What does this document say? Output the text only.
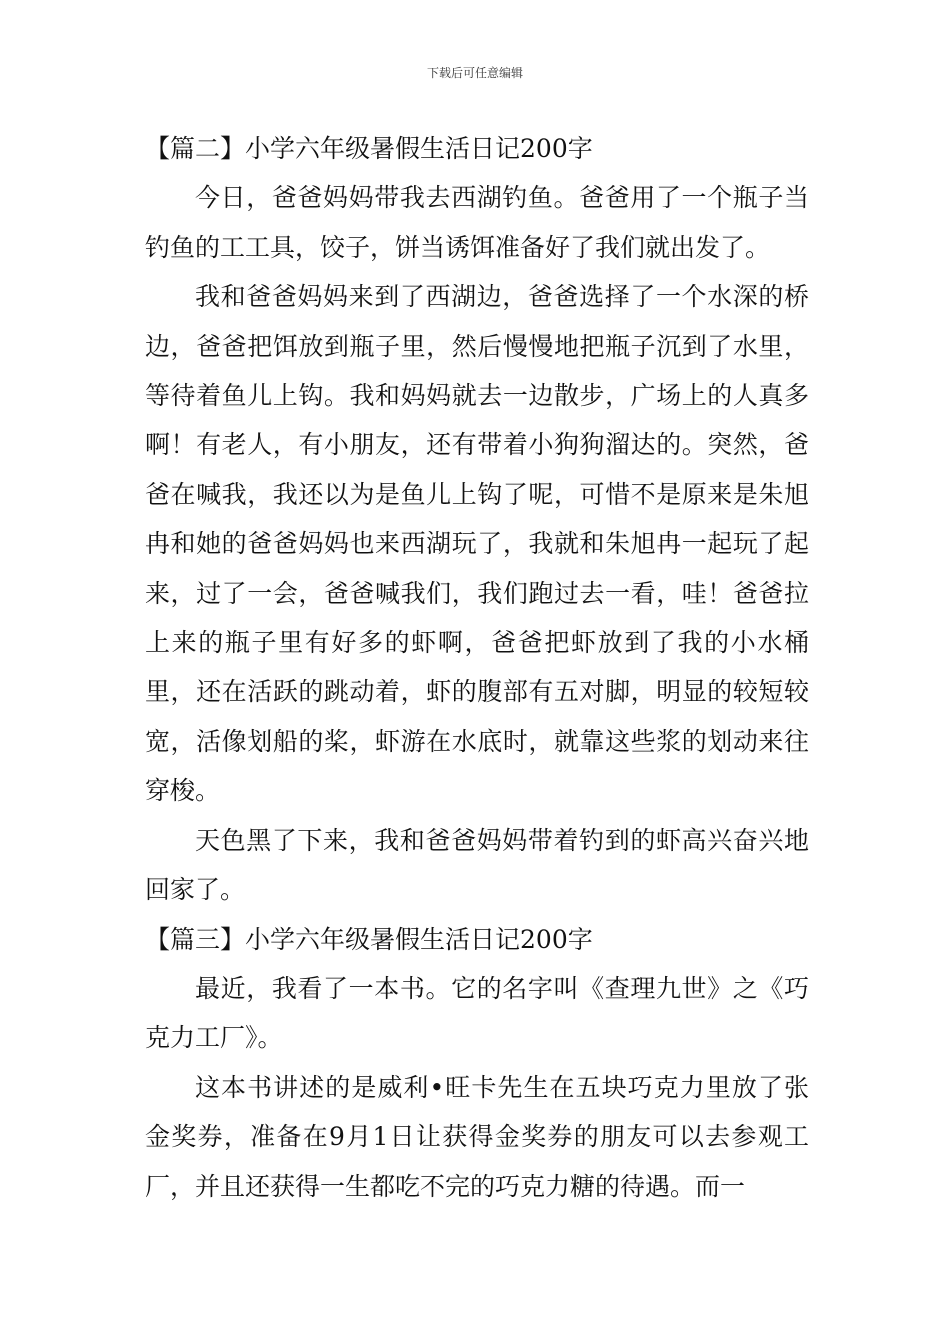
下载后可任意编辑

【篇二】小学六年级暑假生活日记200字

今日，爸爸妈妈带我去西湖钓鱼。爸爸用了一个瓶子当钓鱼的工工具，饺子，饼当诱饵准备好了我们就出发了。

我和爸爸妈妈来到了西湖边，爸爸选择了一个水深的桥边，爸爸把饵放到瓶子里，然后慢慢地把瓶子沉到了水里，等待着鱼儿上钩。我和妈妈就去一边散步，广场上的人真多啊！有老人，有小朋友，还有带着小狗狗溜达的。突然，爸爸在喊我，我还以为是鱼儿上钩了呢，可惜不是原来是朱旭冉和她的爸爸妈妈也来西湖玩了，我就和朱旭冉一起玩了起来，过了一会，爸爸喊我们，我们跑过去一看，哇！爸爸拉上来的瓶子里有好多的虾啊，爸爸把虾放到了我的小水桶里，还在活跃的跳动着，虾的腹部有五对脚，明显的较短较宽，活像划船的桨，虾游在水底时，就靠这些浆的划动来往穿梭。

天色黑了下来，我和爸爸妈妈带着钓到的虾高兴奋兴地回家了。

【篇三】小学六年级暑假生活日记200字

最近，我看了一本书。它的名字叫《查理九世》之《巧克力工厂》。

这本书讲述的是威利•旺卡先生在五块巧克力里放了张金奖券，准备在9月1日让获得金奖券的朋友可以去参观工厂，并且还获得一生都吃不完的巧克力糖的待遇。而一
